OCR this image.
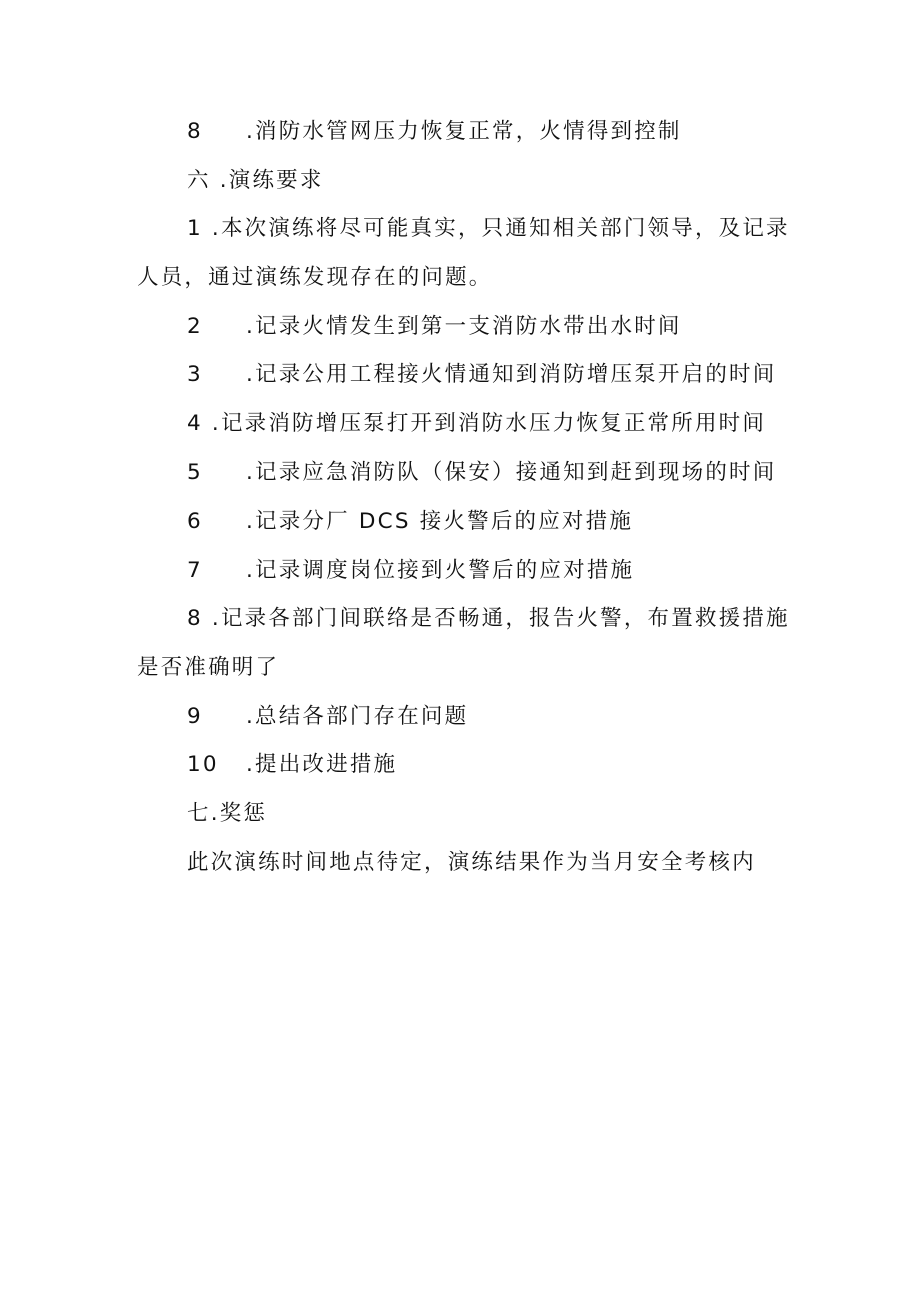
8 .消防水管网压力恢复正常，火情得到控制
六 .演练要求
1 .本次演练将尽可能真实，只通知相关部门领导，及记录
人员，通过演练发现存在的问题。
2 .记录火情发生到第一支消防水带出水时间
3 .记录公用工程接火情通知到消防增压泵开启的时间
4 .记录消防增压泵打开到消防水压力恢复正常所用时间
5 .记录应急消防队（保安）接通知到赶到现场的时间
6 .记录分厂 DCS 接火警后的应对措施
7 .记录调度岗位接到火警后的应对措施
8 .记录各部门间联络是否畅通，报告火警，布置救援措施
是否准确明了
9 .总结各部门存在问题
10 .提出改进措施
七.奖惩
此次演练时间地点待定，演练结果作为当月安全考核内
